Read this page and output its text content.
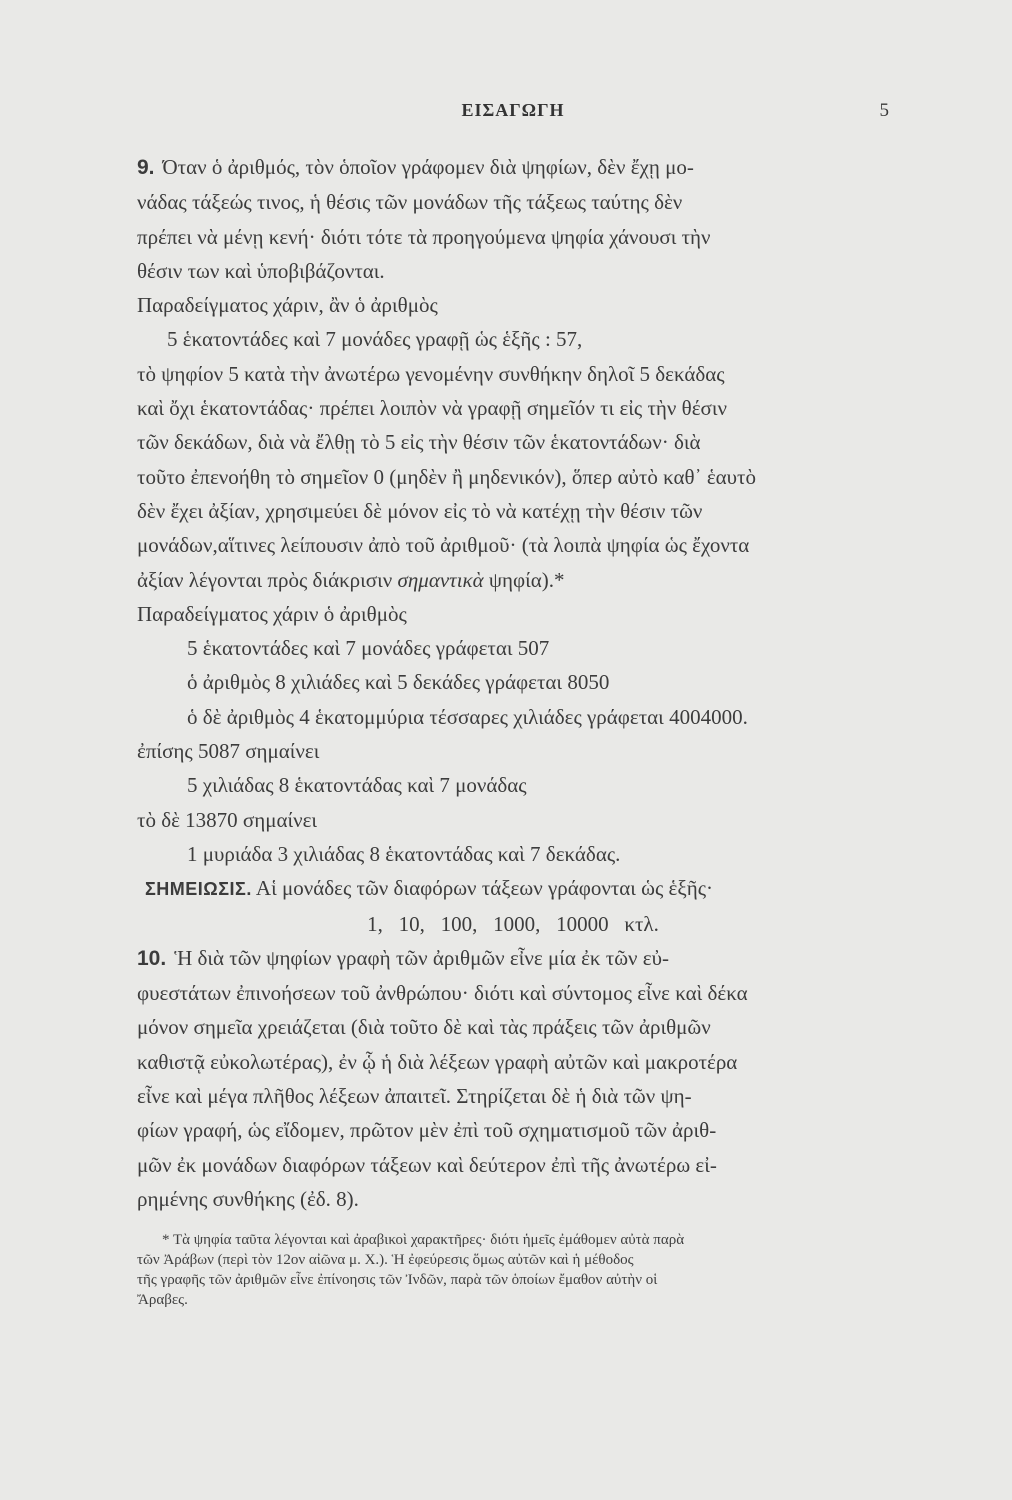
ΕΙΣΑΓΩΓΗ	5

9. Όταν ὁ ἀριθμός, τὸν ὁποῖον γράφομεν διὰ ψηφίων, δὲν ἔχῃ μο-
νάδας τάξεώς τινος, ἡ θέσις τῶν μονάδων τῆς τάξεως ταύτης δὲν
πρέπει νὰ μένῃ κενή· διότι τότε τὰ προηγούμενα ψηφία χάνουσι τὴν
θέσιν των καὶ ὑποβιβάζονται.

Παραδείγματος χάριν, ἂν ὁ ἀριθμὸς
5 ἑκατοντάδες καὶ 7 μονάδες γραφῇ ὡς ἑξῆς : 57,

τὸ ψηφίον 5 κατὰ τὴν ἀνωτέρω γενομένην συνθήκην δηλοῖ 5 δεκάδας
καὶ ὄχι ἑκατοντάδας· πρέπει λοιπὸν νὰ γραφῇ σημεῖόν τι εἰς τὴν θέσιν
τῶν δεκάδων, διὰ νὰ ἔλθῃ τὸ 5 εἰς τὴν θέσιν τῶν ἑκατοντάδων· διὰ
τοῦτο ἐπενοήθη τὸ σημεῖον 0 (μηδὲν ἢ μηδενικόν), ὅπερ αὐτὸ καθ᾽ ἑαυτὸ
δὲν ἔχει ἀξίαν, χρησιμεύει δὲ μόνον εἰς τὸ νὰ κατέχῃ τὴν θέσιν τῶν
μονάδων,αἵτινες λείπουσιν ἀπὸ τοῦ ἀριθμοῦ· (τὰ λοιπὰ ψηφία ὡς ἔχοντα
ἀξίαν λέγονται πρὸς διάκρισιν σημαντικὰ ψηφία).*

Παραδείγματος χάριν ὁ ἀριθμὸς
5 ἑκατοντάδες καὶ 7 μονάδες γράφεται 507
ὁ ἀριθμὸς 8 χιλιάδες καὶ 5 δεκάδες γράφεται 8050
ὁ δὲ ἀριθμὸς 4 ἑκατομμύρια τέσσαρες χιλιάδες γράφεται 4004000.
ἐπίσης 5087 σημαίνει
5 χιλιάδας 8 ἑκατοντάδας καὶ 7 μονάδας
τὸ δὲ 13870 σημαίνει
1 μυριάδα 3 χιλιάδας 8 ἑκατοντάδας καὶ 7 δεκάδας.
ΣΗΜΕΙΩΣΙΣ. Αἱ μονάδες τῶν διαφόρων τάξεων γράφονται ὡς ἑξῆς·
1,   10,   100,   1000,   10000   κτλ.

10. Ἡ διὰ τῶν ψηφίων γραφὴ τῶν ἀριθμῶν εἶνε μία ἐκ τῶν εὐ-
φυεστάτων ἐπινοήσεων τοῦ ἀνθρώπου· διότι καὶ σύντομος εἶνε καὶ δέκα
μόνον σημεῖα χρειάζεται (διὰ τοῦτο δὲ καὶ τὰς πράξεις τῶν ἀριθμῶν
καθιστᾷ εὐκολωτέρας), ἐν ᾧ ἡ διὰ λέξεων γραφὴ αὐτῶν καὶ μακροτέρα
εἶνε καὶ μέγα πλῆθος λέξεων ἀπαιτεῖ. Στηρίζεται δὲ ἡ διὰ τῶν ψη-
φίων γραφή, ὡς εἴδομεν, πρῶτον μὲν ἐπὶ τοῦ σχηματισμοῦ τῶν ἀριθ-
μῶν ἐκ μονάδων διαφόρων τάξεων καὶ δεύτερον ἐπὶ τῆς ἀνωτέρω εἰ-
ρημένης συνθήκης (ἐδ. 8).

* Τὰ ψηφία ταῦτα λέγονται καὶ ἀραβικοὶ χαρακτῆρες· διότι ἡμεῖς ἐμάθομεν αὐτὰ παρὰ
τῶν Ἀράβων (περὶ τὸν 12ον αἰῶνα μ. Χ.). Ἡ ἐφεύρεσις ὅμως αὐτῶν καὶ ἡ μέθοδος
τῆς γραφῆς τῶν ἀριθμῶν εἶνε ἐπίνοησις τῶν Ἰνδῶν, παρὰ τῶν ὁποίων ἔμαθον αὐτὴν οἱ
Ἄραβες.
